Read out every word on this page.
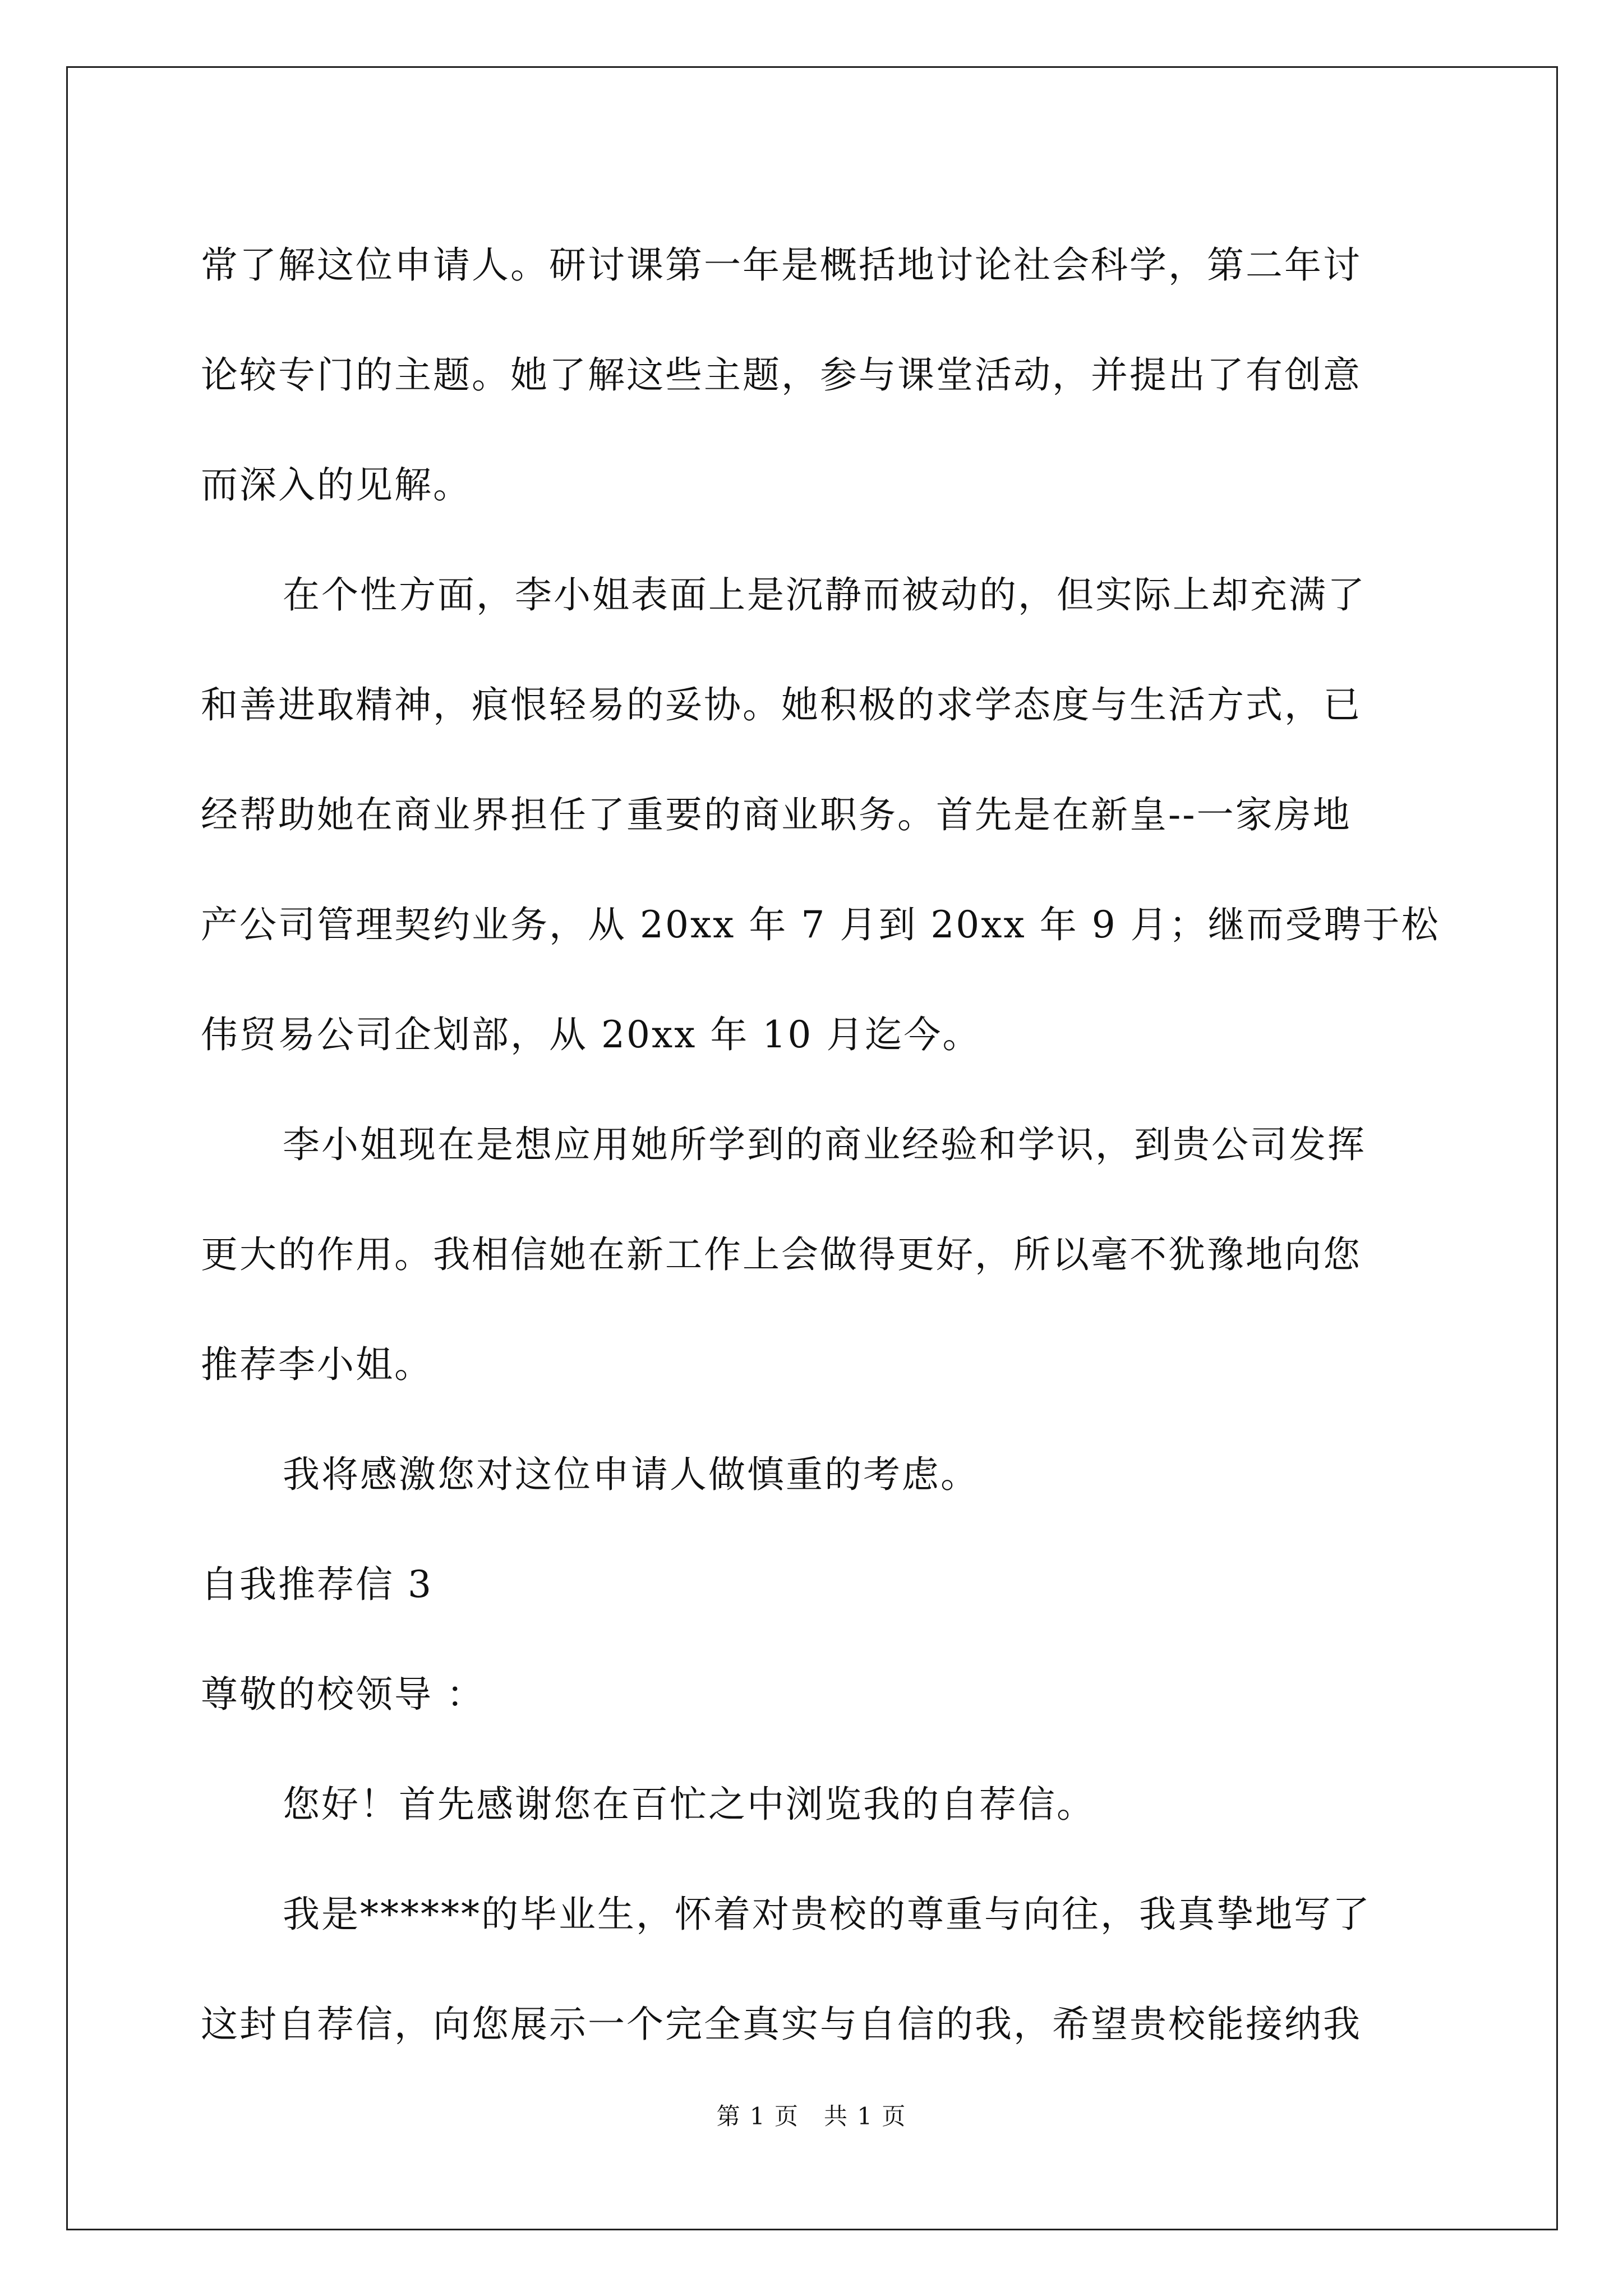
常了解这位申请人。研讨课第一年是概括地讨论社会科学，第二年讨
论较专门的主题。她了解这些主题，参与课堂活动，并提出了有创意
而深入的见解。
在个性方面，李小姐表面上是沉静而被动的，但实际上却充满了
和善进取精神，痕恨轻易的妥协。她积极的求学态度与生活方式，已
经帮助她在商业界担任了重要的商业职务。首先是在新皇--一家房地
产公司管理契约业务，从 20xx 年 7 月到 20xx 年 9 月；继而受聘于松
伟贸易公司企划部，从 20xx 年 10 月迄今。
李小姐现在是想应用她所学到的商业经验和学识，到贵公司发挥
更大的作用。我相信她在新工作上会做得更好，所以毫不犹豫地向您
推荐李小姐。
我将感激您对这位申请人做慎重的考虑。
自我推荐信 3
尊敬的校领导 ：
您好！首先感谢您在百忙之中浏览我的自荐信。
我是******的毕业生，怀着对贵校的尊重与向往，我真挚地写了
这封自荐信，向您展示一个完全真实与自信的我，希望贵校能接纳我
第 1 页　共 1 页
